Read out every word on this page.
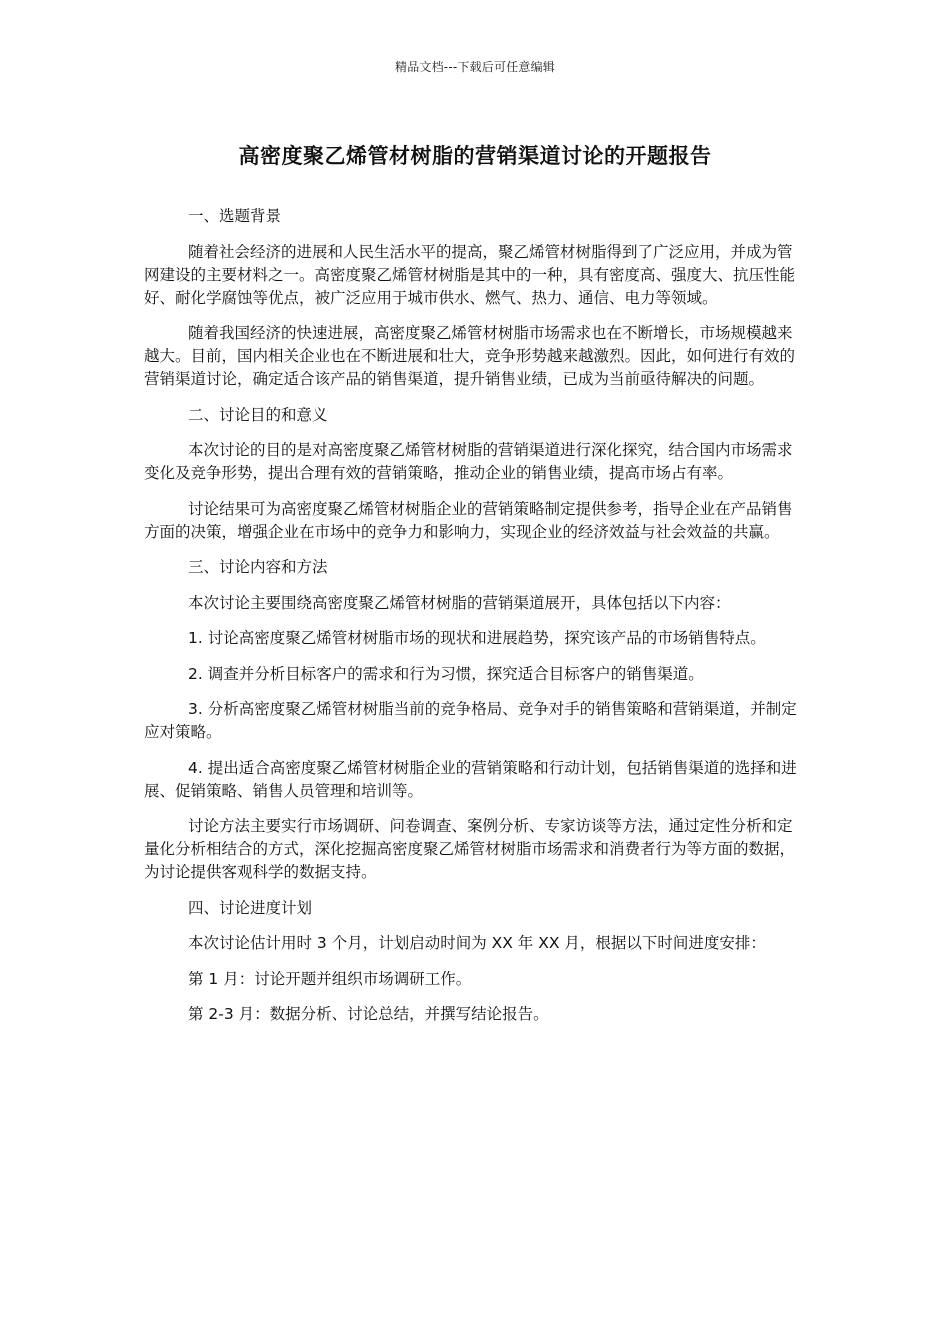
精品文档---下载后可任意编辑
高密度聚乙烯管材树脂的营销渠道讨论的开题报告

一、选题背景

随着社会经济的进展和人民生活水平的提高，聚乙烯管材树脂得到了广泛应用，并成为管网建设的主要材料之一。高密度聚乙烯管材树脂是其中的一种，具有密度高、强度大、抗压性能好、耐化学腐蚀等优点，被广泛应用于城市供水、燃气、热力、通信、电力等领域。

随着我国经济的快速进展，高密度聚乙烯管材树脂市场需求也在不断增长，市场规模越来越大。目前，国内相关企业也在不断进展和壮大，竞争形势越来越激烈。因此，如何进行有效的营销渠道讨论，确定适合该产品的销售渠道，提升销售业绩，已成为当前亟待解决的问题。

二、讨论目的和意义

本次讨论的目的是对高密度聚乙烯管材树脂的营销渠道进行深化探究，结合国内市场需求变化及竞争形势，提出合理有效的营销策略，推动企业的销售业绩，提高市场占有率。

讨论结果可为高密度聚乙烯管材树脂企业的营销策略制定提供参考，指导企业在产品销售方面的决策，增强企业在市场中的竞争力和影响力，实现企业的经济效益与社会效益的共赢。

三、讨论内容和方法

本次讨论主要围绕高密度聚乙烯管材树脂的营销渠道展开，具体包括以下内容：

1. 讨论高密度聚乙烯管材树脂市场的现状和进展趋势，探究该产品的市场销售特点。

2. 调查并分析目标客户的需求和行为习惯，探究适合目标客户的销售渠道。

3. 分析高密度聚乙烯管材树脂当前的竞争格局、竞争对手的销售策略和营销渠道，并制定应对策略。

4. 提出适合高密度聚乙烯管材树脂企业的营销策略和行动计划，包括销售渠道的选择和进展、促销策略、销售人员管理和培训等。

讨论方法主要实行市场调研、问卷调查、案例分析、专家访谈等方法，通过定性分析和定量化分析相结合的方式，深化挖掘高密度聚乙烯管材树脂市场需求和消费者行为等方面的数据，为讨论提供客观科学的数据支持。

四、讨论进度计划

本次讨论估计用时 3 个月，计划启动时间为 XX 年 XX 月，根据以下时间进度安排：

第 1 月：讨论开题并组织市场调研工作。

第 2-3 月：数据分析、讨论总结，并撰写结论报告。
